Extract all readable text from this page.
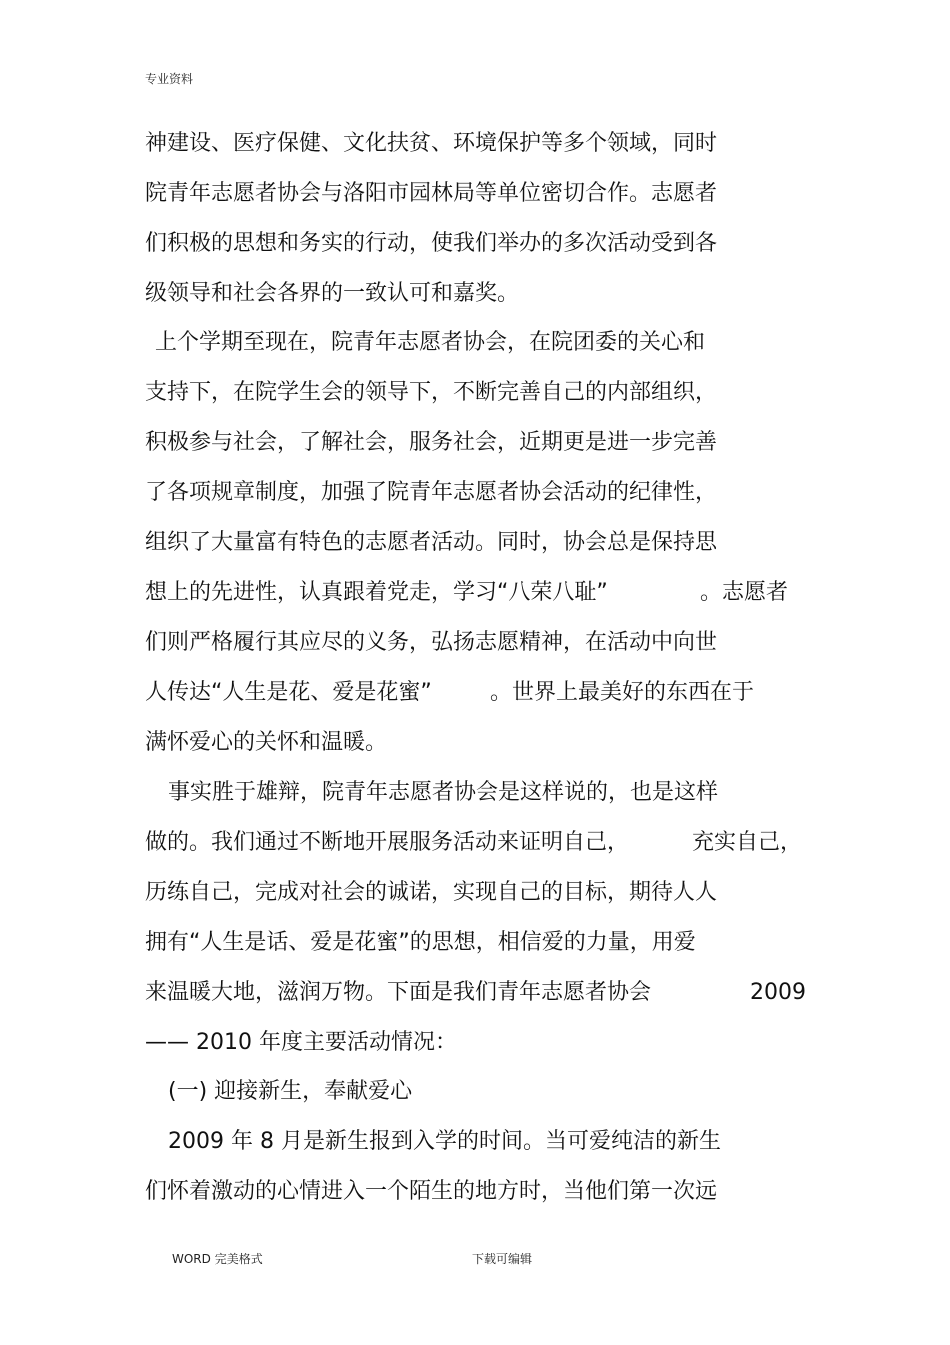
专业资料
神建设、医疗保健、文化扶贫、环境保护等多个领域，同时
院青年志愿者协会与洛阳市园林局等单位密切合作。志愿者
们积极的思想和务实的行动，使我们举办的多次活动受到各
级领导和社会各界的一致认可和嘉奖。
上个学期至现在，院青年志愿者协会，在院团委的关心和
支持下，在院学生会的领导下，不断完善自己的内部组织，
积极参与社会，了解社会，服务社会，近期更是进一步完善
了各项规章制度，加强了院青年志愿者协会活动的纪律性，
组织了大量富有特色的志愿者活动。同时，协会总是保持思
想上的先进性，认真跟着党走，学习“八荣八耻”	。志愿者
们则严格履行其应尽的义务，弘扬志愿精神，在活动中向世
人传达“人生是花、爱是花蜜”	。世界上最美好的东西在于
满怀爱心的关怀和温暖。
事实胜于雄辩，院青年志愿者协会是这样说的，也是这样
做的。我们通过不断地开展服务活动来证明自己，	充实自己，
历练自己，完成对社会的诚诺，实现自己的目标，期待人人
拥有“人生是话、爱是花蜜”的思想，相信爱的力量，用爱
来温暖大地，滋润万物。下面是我们青年志愿者协会	2009
—— 2010 年度主要活动情况：
(一) 迎接新生，奉献爱心
2009 年 8 月是新生报到入学的时间。当可爱纯洁的新生
们怀着激动的心情进入一个陌生的地方时，当他们第一次远
WORD 完美格式	下载可编辑
